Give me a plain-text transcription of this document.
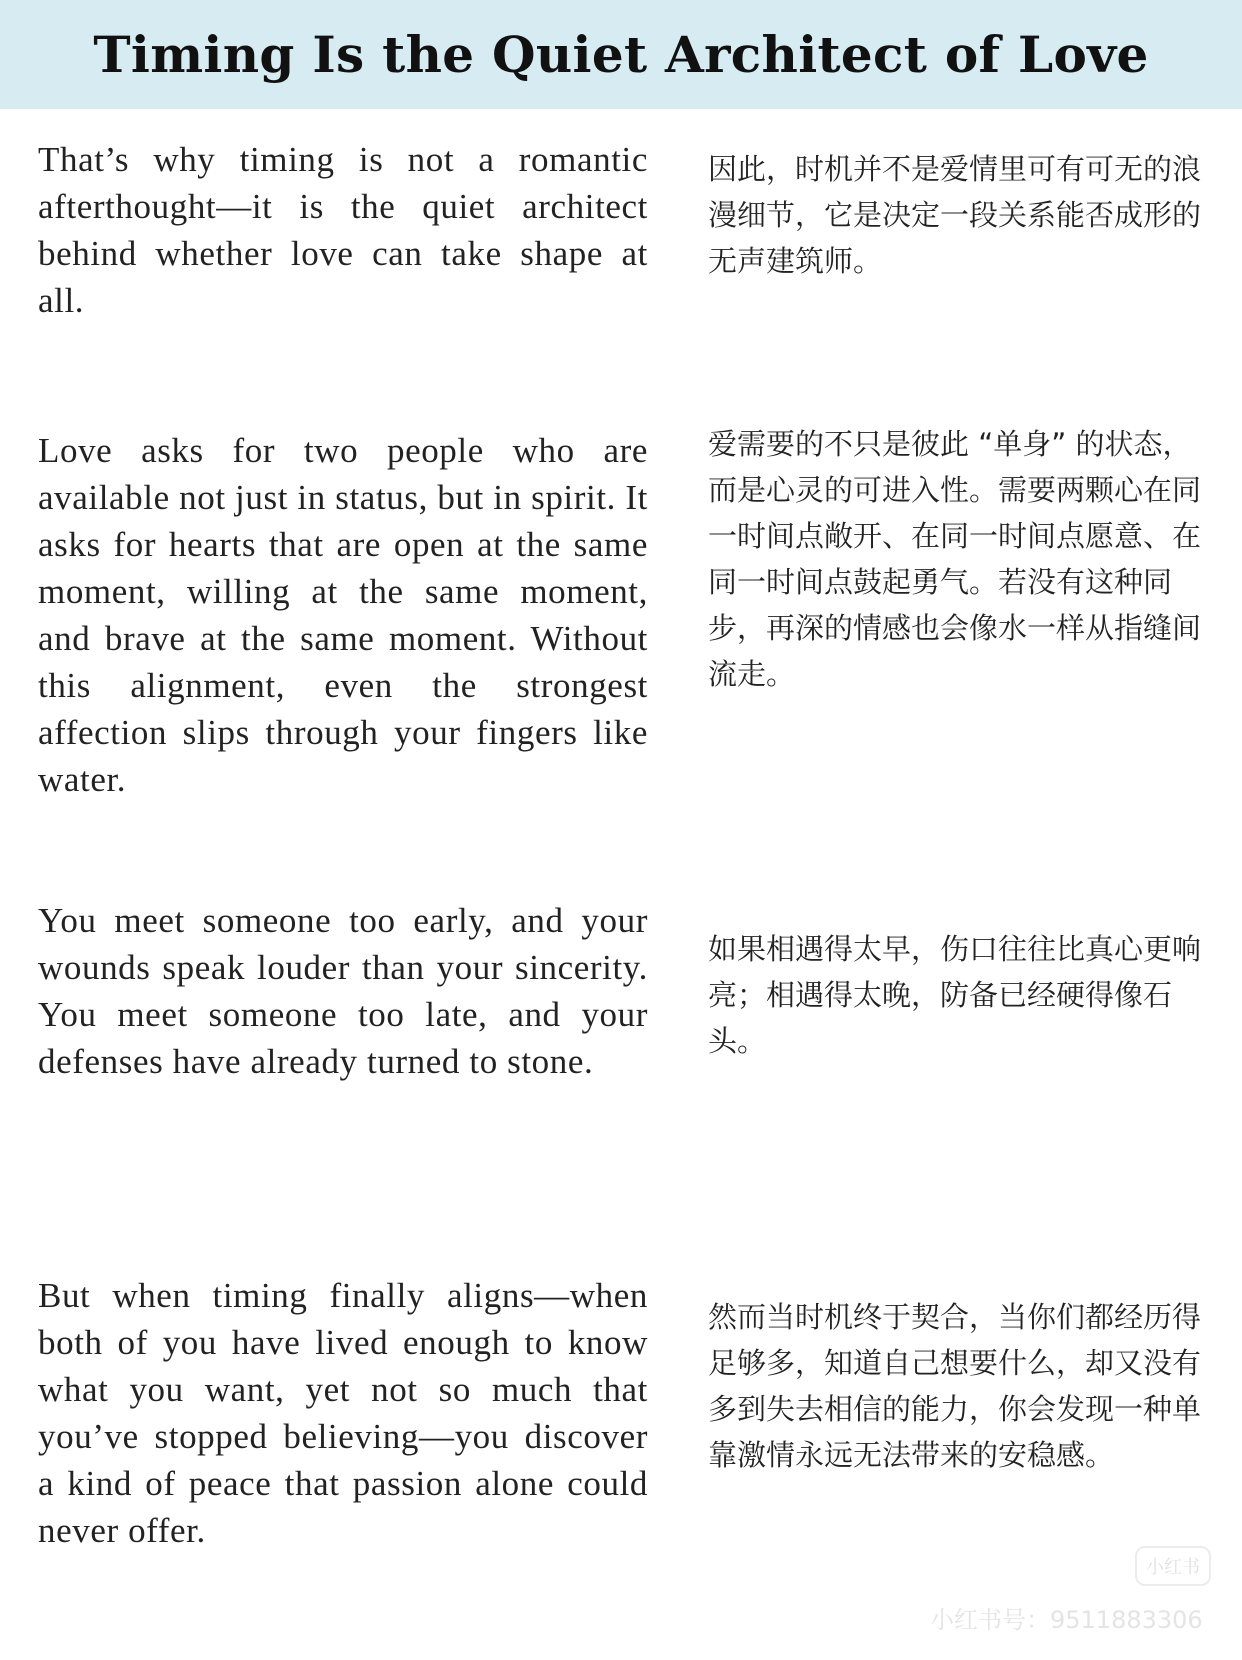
Timing Is the Quiet Architect of Love

That’s why timing is not a romantic afterthought—it is the quiet architect behind whether love can take shape at all.

因此，时机并不是爱情里可有可无的浪漫细节，它是决定一段关系能否成形的无声建筑师。

Love asks for two people who are available not just in status, but in spirit. It asks for hearts that are open at the same moment, willing at the same moment, and brave at the same moment. Without this alignment, even the strongest affection slips through your fingers like water.

爱需要的不只是彼此 “单身” 的状态，而是心灵的可进入性。需要两颗心在同一时间点敞开、在同一时间点愿意、在同一时间点鼓起勇气。若没有这种同步，再深的情感也会像水一样从指缝间流走。

You meet someone too early, and your wounds speak louder than your sincerity. You meet someone too late, and your defenses have already turned to stone.

如果相遇得太早，伤口往往比真心更响亮；相遇得太晚，防备已经硬得像石头。

But when timing finally aligns—when both of you have lived enough to know what you want, yet not so much that you’ve stopped believing—you discover a kind of peace that passion alone could never offer.

然而当时机终于契合，当你们都经历得足够多，知道自己想要什么，却又没有多到失去相信的能力，你会发现一种单靠激情永远无法带来的安稳感。

小红书
小红书号：9511883306
